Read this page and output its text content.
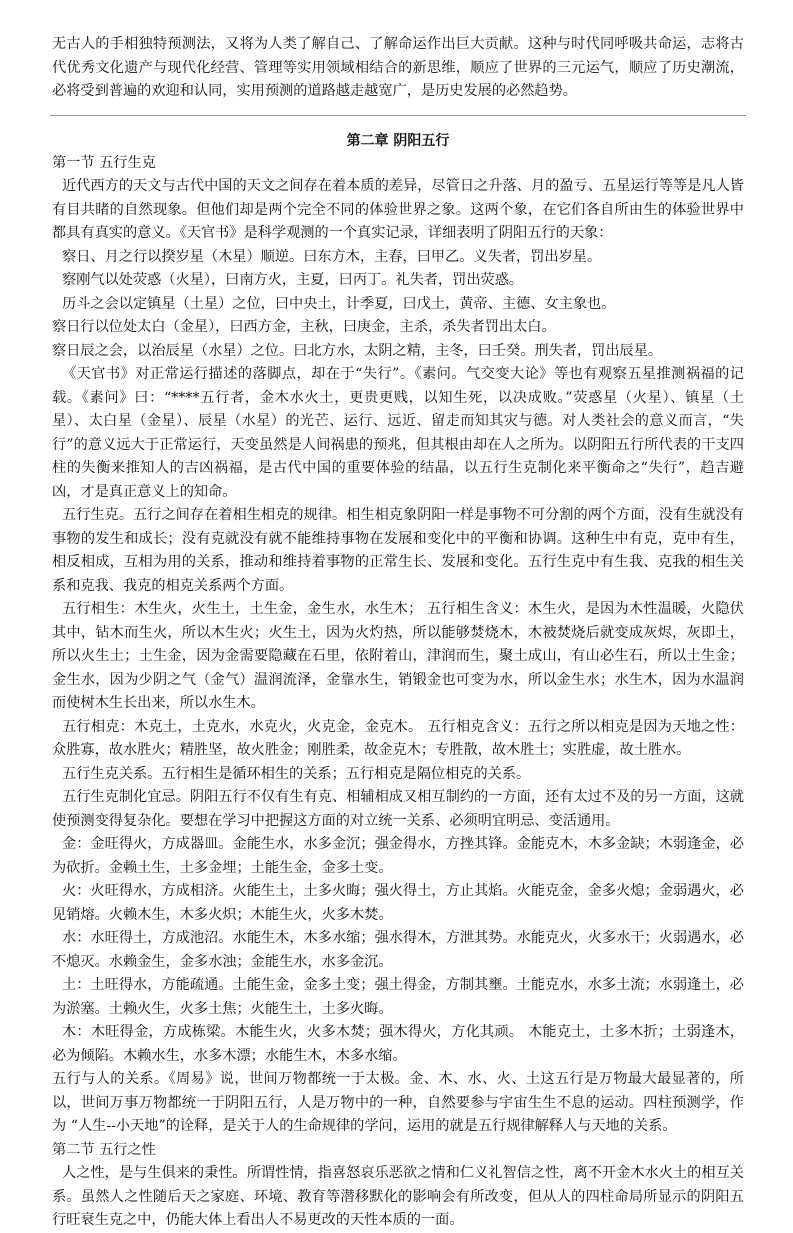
无古人的手相独特预测法，又将为人类了解自己、了解命运作出巨大贡献。这种与时代同呼吸共命运，志将古代优秀文化遗产与现代化经营、管理等实用领域相结合的新思维，顺应了世界的三元运气，顺应了历史潮流，必将受到普遍的欢迎和认同，实用预测的道路越走越宽广，是历史发展的必然趋势。

第二章 阴阳五行

第一节 五行生克

近代西方的天文与古代中国的天文之间存在着本质的差异，尽管日之升落、月的盈亏、五星运行等等是凡人皆有目共睹的自然现象。但他们却是两个完全不同的体验世界之象。这两个象，在它们各自所由生的体验世界中都具有真实的意义。《天官书》是科学观测的一个真实记录，详细表明了阴阳五行的天象：

察日、月之行以揆岁星（木星）顺逆。曰东方木，主春，曰甲乙。义失者，罚出岁星。

察刚气以处荧惑（火星），曰南方火，主夏，曰丙丁。礼失者，罚出荧惑。

历斗之会以定镇星（土星）之位，曰中央土，计季夏，曰戊土，黄帝、主德、女主象也。

察日行以位处太白（金星），曰西方金，主秋，曰庚金，主杀，杀失者罚出太白。

察日辰之会，以治辰星（水星）之位。曰北方水，太阴之精，主冬，曰壬癸。刑失者，罚出辰星。

《天官书》对正常运行描述的落脚点，却在于“失行”。《素问。气交变大论》等也有观察五星推测祸福的记载。《素问》曰：“****五行者，金木水火土，更贵更贱，以知生死，以决成败。”荧惑星（火星）、镇星（土星）、太白星（金星）、辰星（水星）的光芒、运行、远近、留走而知其灾与德。对人类社会的意义而言，“失行”的意义远大于正常运行，天变虽然是人间祸患的预兆，但其根由却在人之所为。以阴阳五行所代表的干支四柱的失衡来推知人的吉凶祸福，是古代中国的重要体验的结晶，以五行生克制化来平衡命之“失行”，趋吉避凶，才是真正意义上的知命。

五行生克。五行之间存在着相生相克的规律。相生相克象阴阳一样是事物不可分割的两个方面，没有生就没有事物的发生和成长；没有克就没有就不能维持事物在发展和变化中的平衡和协调。这种生中有克，克中有生，相反相成，互相为用的关系，推动和维持着事物的正常生长、发展和变化。五行生克中有生我、克我的相生关系和克我、我克的相克关系两个方面。

五行相生：木生火，火生土，土生金，金生水，水生木； 五行相生含义：木生火，是因为木性温暖，火隐伏其中，钻木而生火，所以木生火；火生土，因为火灼热，所以能够焚烧木，木被焚烧后就变成灰烬，灰即土，所以火生土；土生金，因为金需要隐藏在石里，依附着山，津润而生，聚土成山，有山必生石，所以土生金；金生水，因为少阴之气（金气）温润流泽，金靠水生，销锻金也可变为水，所以金生水；水生木，因为水温润而使树木生长出来，所以水生木。

五行相克：木克土，土克水，水克火，火克金，金克木。 五行相克含义：五行之所以相克是因为天地之性：众胜寡，故水胜火；精胜坚，故火胜金；刚胜柔，故金克木；专胜散，故木胜土；实胜虚，故土胜水。

五行生克关系。五行相生是循环相生的关系；五行相克是隔位相克的关系。

五行生克制化宜忌。阴阳五行不仅有生有克、相辅相成又相互制约的一方面，还有太过不及的另一方面，这就使预测变得复杂化。要想在学习中把握这方面的对立统一关系、必须明宜明忌、变活通用。

金：金旺得火，方成器皿。金能生水，水多金沉；强金得水，方挫其锋。金能克木，木多金缺；木弱逢金，必为砍折。金赖土生，土多金埋；土能生金，金多土变。

火：火旺得水，方成相济。火能生土，土多火晦；强火得土，方止其焰。火能克金，金多火熄；金弱遇火，必见销熔。火赖木生，木多火炽；木能生火，火多木焚。

水：水旺得土，方成池沼。水能生木，木多水缩；强水得木，方泄其势。水能克火，火多水干；火弱遇水，必不熄灭。水赖金生，金多水浊；金能生水，水多金沉。

土：土旺得水，方能疏通。土能生金，金多土变；强土得金，方制其壅。土能克水，水多土流；水弱逢土，必为淤塞。土赖火生，火多土焦；火能生土，土多火晦。

木：木旺得金，方成栋梁。木能生火，火多木焚；强木得火，方化其顽。 木能克土，土多木折；土弱逢木，必为倾陷。木赖水生，水多木漂；水能生木，木多水缩。

五行与人的关系。《周易》说，世间万物都统一于太极。金、木、水、火、土这五行是万物最大最显著的，所以，世间万事万物都统一于阴阳五行，人是万物中的一种，自然要参与宇宙生生不息的运动。四柱预测学，作为 “人生--小天地”的诠释，是关于人的生命规律的学问，运用的就是五行规律解释人与天地的关系。

第二节 五行之性

人之性，是与生俱来的秉性。所谓性情，指喜怒哀乐恶欲之情和仁义礼智信之性，离不开金木水火土的相互关系。虽然人之性随后天之家庭、环境、教育等潜移默化的影响会有所改变，但从人的四柱命局所显示的阴阳五行旺衰生克之中，仍能大体上看出人不易更改的天性本质的一面。
